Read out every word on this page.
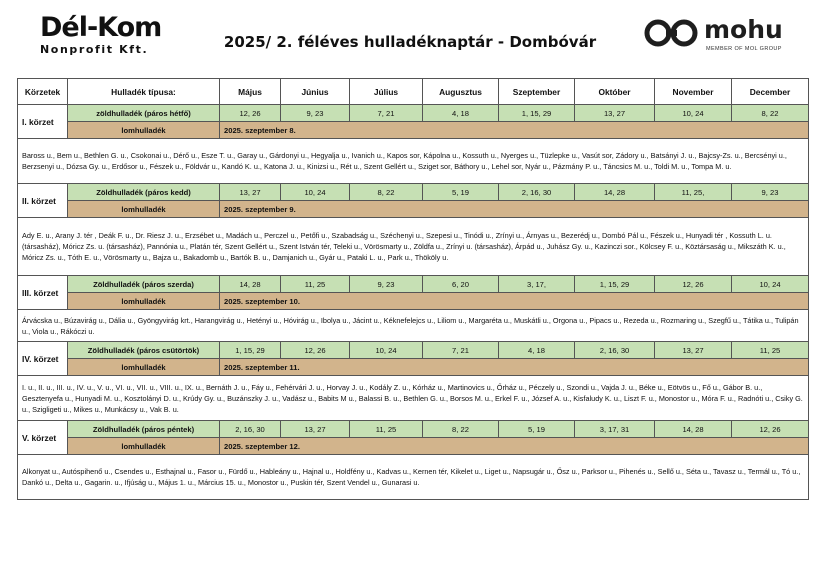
Dél-Kom
Nonprofit Kft.	2025/ 2. féléves hulladéknaptár - Dombóvár	mohu
MEMBER OF MOL GROUP
Körzetek	Hulladék típusa:	Május	Június	Július	Augusztus	Szeptember	Október	November	December
I. körzet	zöldhulladék (páros hétfő)	12, 26	9, 23	7, 21	4, 18	1, 15, 29	13, 27	10, 24	8, 22
	lomhulladék	2025. szeptember 8.							
Baross u., Bem u., Bethlen G. u., Csokonai u., Dérő u., Esze T. u., Garay u., Gárdonyi u., Hegyalja u., Ivanich u., Kapos sor, Kápolna u., Kossuth u., Nyerges u., Tüzlepke u., Vasút sor, Zádory u., Batsányi J. u., Bajcsy-Zs. u., Bercsényi u., Berzsenyi u., Dózsa Gy. u., Erdősor u., Fészek u., Földvár u., Kandó K. u., Katona J. u., Kinizsi u., Rét u., Szent Gellért u., Sziget sor, Báthory u., Lehel sor, Nyár u., Pázmány P. u., Táncsics M. u., Toldi M. u., Tompa M. u.									
II. körzet	Zöldhulladék (páros kedd)	13, 27	10, 24	8, 22	5, 19	2, 16, 30	14, 28	11, 25,	9, 23
	lomhulladék	2025. szeptember 9.							
Ady E. u., Arany J. tér , Deák F. u., Dr. Riesz J. u., Erzsébet u., Madách u., Perczel u., Petőfi u., Szabadság u., Széchenyi u., Szepesi u., Tinódi u., Zrínyi u., Árnyas u., Bezerédj u., Dombó Pál u., Fészek u., Hunyadi tér , Kossuth L. u. (társasház), Móricz Zs. u. (társasház), Pannónia u., Platán tér, Szent Gellért u., Szent István tér, Teleki u., Vörösmarty u., Zöldfa u., Zrínyi u. (társasház), Árpád u., Juhász Gy. u., Kazinczi sor., Kölcsey F. u., Köztársaság u., Mikszáth K. u., Móricz Zs. u., Tóth E. u., Vörösmarty u., Bajza u., Bakadomb u., Bartók B. u., Damjanich u., Gyár u., Pataki L. u., Park u., Thököly u.									
III. körzet	Zöldhulladék (páros szerda)	14, 28	11, 25	9, 23	6, 20	3, 17,	1, 15, 29	12, 26	10, 24
	lomhulladék	2025. szeptember 10.							
Árvácska u., Búzavirág u., Dália u., Gyöngyvirág krt., Harangvirág u., Hetényi u., Hóvirág u., Ibolya u., Jácint u., Kéknefelejcs u., Liliom u., Margaréta u., Muskátli u., Orgona u., Pipacs u., Rezeda u., Rozmaring u., Szegfű u., Tátika u., Tulipán u., Viola u., Rákóczi u.									
IV. körzet	Zöldhulladék (páros csütörtök)	1, 15, 29	12, 26	10, 24	7, 21	4, 18	2, 16, 30	13, 27	11, 25
	lomhulladék	2025. szeptember 11.							
I. u., II. u., III. u., IV. u., V. u., VI. u., VII. u., VIII. u., IX. u., Bernáth J. u., Fáy u., Fehérvári J. u., Horvay J. u., Kodály Z. u., Kórház u., Martinovics u., Őrház u., Péczely u., Szondi u., Vajda J. u., Béke u., Eötvös u., Fő u., Gábor B. u., Gesztenyefa u., Hunyadi M. u., Kosztolányi D. u., Krúdy Gy. u., Buzánszky J. u., Vadász u., Babits M u., Balassi B. u., Bethlen G. u., Borsos M. u., Erkel F. u., József A. u., Kisfaludy K. u., Liszt F. u., Monostor u., Móra F. u., Radnóti u., Csiky G. u., Szigligeti u., Mikes u., Munkácsy u., Vak B. u.									
V. körzet	Zöldhulladék (páros péntek)	2, 16, 30	13, 27	11, 25	8, 22	5, 19	3, 17, 31	14, 28	12, 26
	lomhulladék	2025. szeptember 12.							
Alkonyat u., Autóspihenő u., Csendes u., Esthajnal u., Fasor u., Fürdő u., Hableány u., Hajnal u., Holdfény u., Kadvas u., Kernen tér, Kikelet u., Liget u., Napsugár u., Ősz u., Parksor u., Pihenés u., Sellő u., Séta u., Tavasz u., Termál u., Tó u., Dankó u., Delta u., Gagarin. u., Ifjúság u., Május 1. u., Március 15. u., Monostor u., Puskin tér, Szent Vendel u., Gunarasi u.									
